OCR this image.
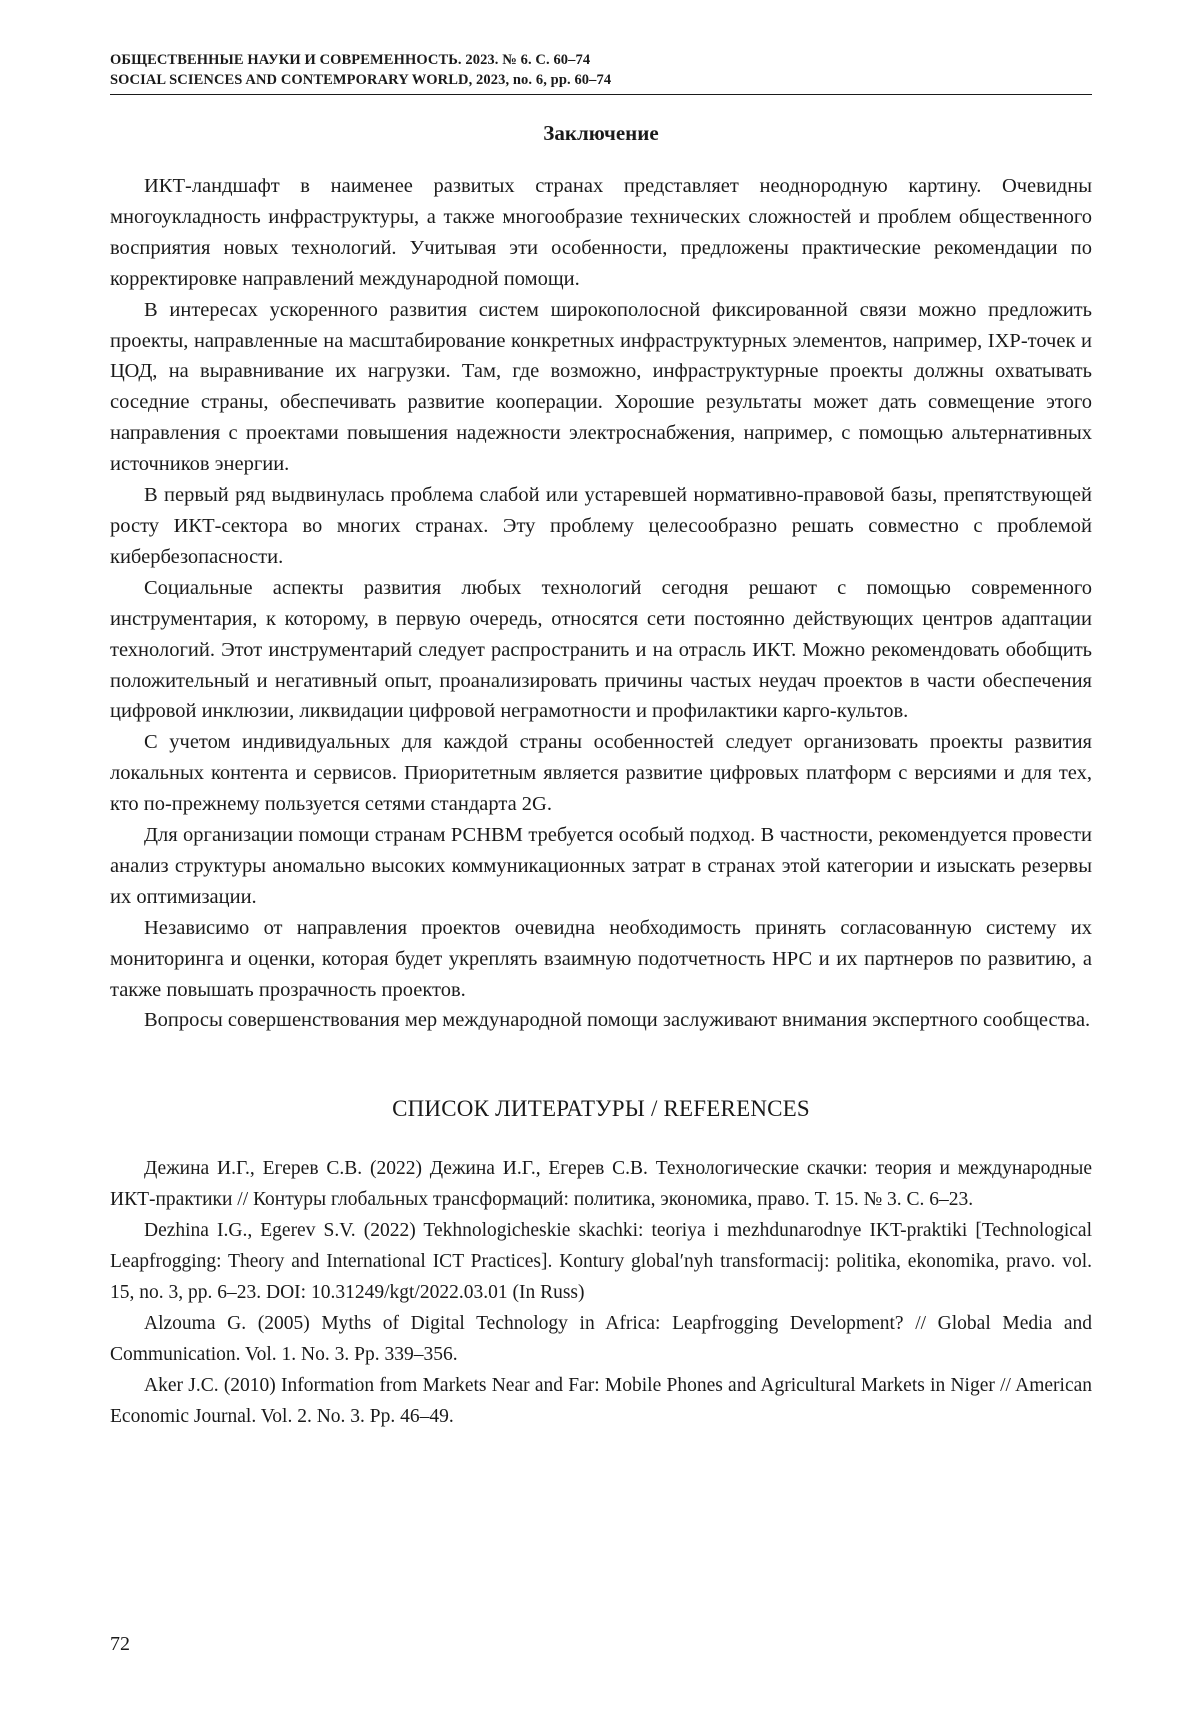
ОБЩЕСТВЕННЫЕ НАУКИ И СОВРЕМЕННОСТЬ. 2023. № 6. С. 60–74
SOCIAL SCIENCES AND CONTEMPORARY WORLD, 2023, no. 6, pp. 60–74
Заключение

ИКТ-ландшафт в наименее развитых странах представляет неоднородную картину. Очевидны многоукладность инфраструктуры, а также многообразие технических сложностей и проблем общественного восприятия новых технологий. Учитывая эти особенности, предложены практические рекомендации по корректировке направлений международной помощи.

В интересах ускоренного развития систем широкополосной фиксированной связи можно предложить проекты, направленные на масштабирование конкретных инфраструктурных элементов, например, IXP-точек и ЦОД, на выравнивание их нагрузки. Там, где возможно, инфраструктурные проекты должны охватывать соседние страны, обеспечивать развитие кооперации. Хорошие результаты может дать совмещение этого направления с проектами повышения надежности электроснабжения, например, с помощью альтернативных источников энергии.

В первый ряд выдвинулась проблема слабой или устаревшей нормативно-правовой базы, препятствующей росту ИКТ-сектора во многих странах. Эту проблему целесообразно решать совместно с проблемой кибербезопасности.

Социальные аспекты развития любых технологий сегодня решают с помощью современного инструментария, к которому, в первую очередь, относятся сети постоянно действующих центров адаптации технологий. Этот инструментарий следует распространить и на отрасль ИКТ. Можно рекомендовать обобщить положительный и негативный опыт, проанализировать причины частых неудач проектов в части обеспечения цифровой инклюзии, ликвидации цифровой неграмотности и профилактики карго-культов.

С учетом индивидуальных для каждой страны особенностей следует организовать проекты развития локальных контента и сервисов. Приоритетным является развитие цифровых платформ с версиями и для тех, кто по-прежнему пользуется сетями стандарта 2G.

Для организации помощи странам РСНВМ требуется особый подход. В частности, рекомендуется провести анализ структуры аномально высоких коммуникационных затрат в странах этой категории и изыскать резервы их оптимизации.

Независимо от направления проектов очевидна необходимость принять согласованную систему их мониторинга и оценки, которая будет укреплять взаимную подотчетность НРС и их партнеров по развитию, а также повышать прозрачность проектов.

Вопросы совершенствования мер международной помощи заслуживают внимания экспертного сообщества.

СПИСОК ЛИТЕРАТУРЫ / REFERENCES

Дежина И.Г., Егерев С.В. (2022) Дежина И.Г., Егерев С.В. Технологические скачки: теория и международные ИКТ-практики // Контуры глобальных трансформаций: политика, экономика, право. Т. 15. № 3. С. 6–23.

Dezhina I.G., Egerev S.V. (2022) Tekhnologicheskie skachki: teoriya i mezhdunarodnye IKT-praktiki [Technological Leapfrogging: Theory and International ICT Practices]. Kontury global′nyh transformacij: politika, ekonomika, pravo. vol. 15, no. 3, pp. 6–23. DOI: 10.31249/kgt/2022.03.01 (In Russ)

Alzouma G. (2005) Myths of Digital Technology in Africa: Leapfrogging Development? // Global Media and Communication. Vol. 1. No. 3. Pp. 339–356.

Aker J.C. (2010) Information from Markets Near and Far: Mobile Phones and Agricultural Markets in Niger // American Economic Journal. Vol. 2. No. 3. Pp. 46–49.

72
